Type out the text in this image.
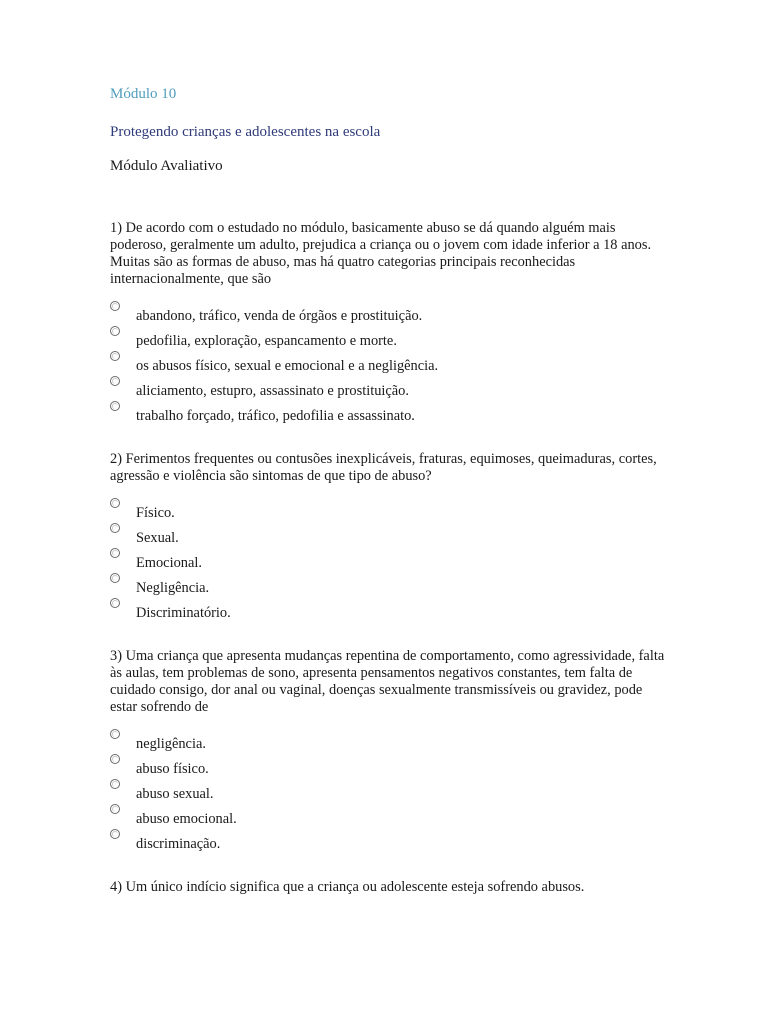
Módulo 10
Protegendo crianças e adolescentes na escola
Módulo Avaliativo
1) De acordo com o estudado no módulo, basicamente abuso se dá quando alguém mais poderoso, geralmente um adulto, prejudica a criança ou o jovem com idade inferior a 18 anos. Muitas são as formas de abuso, mas há quatro categorias principais reconhecidas internacionalmente, que são
abandono, tráfico, venda de órgãos e prostituição.
pedofilia, exploração, espancamento e morte.
os abusos físico, sexual e emocional e a negligência.
aliciamento, estupro, assassinato e prostituição.
trabalho forçado, tráfico, pedofilia e assassinato.
2) Ferimentos frequentes ou contusões inexplicáveis, fraturas, equimoses, queimaduras, cortes, agressão e violência são sintomas de que tipo de abuso?
Físico.
Sexual.
Emocional.
Negligência.
Discriminatório.
3) Uma criança que apresenta mudanças repentina de comportamento, como agressividade, falta às aulas, tem problemas de sono, apresenta pensamentos negativos constantes, tem falta de cuidado consigo, dor anal ou vaginal, doenças sexualmente transmissíveis ou gravidez, pode estar sofrendo de
negligência.
abuso físico.
abuso sexual.
abuso emocional.
discriminação.
4) Um único indício significa que a criança ou adolescente esteja sofrendo abusos.
